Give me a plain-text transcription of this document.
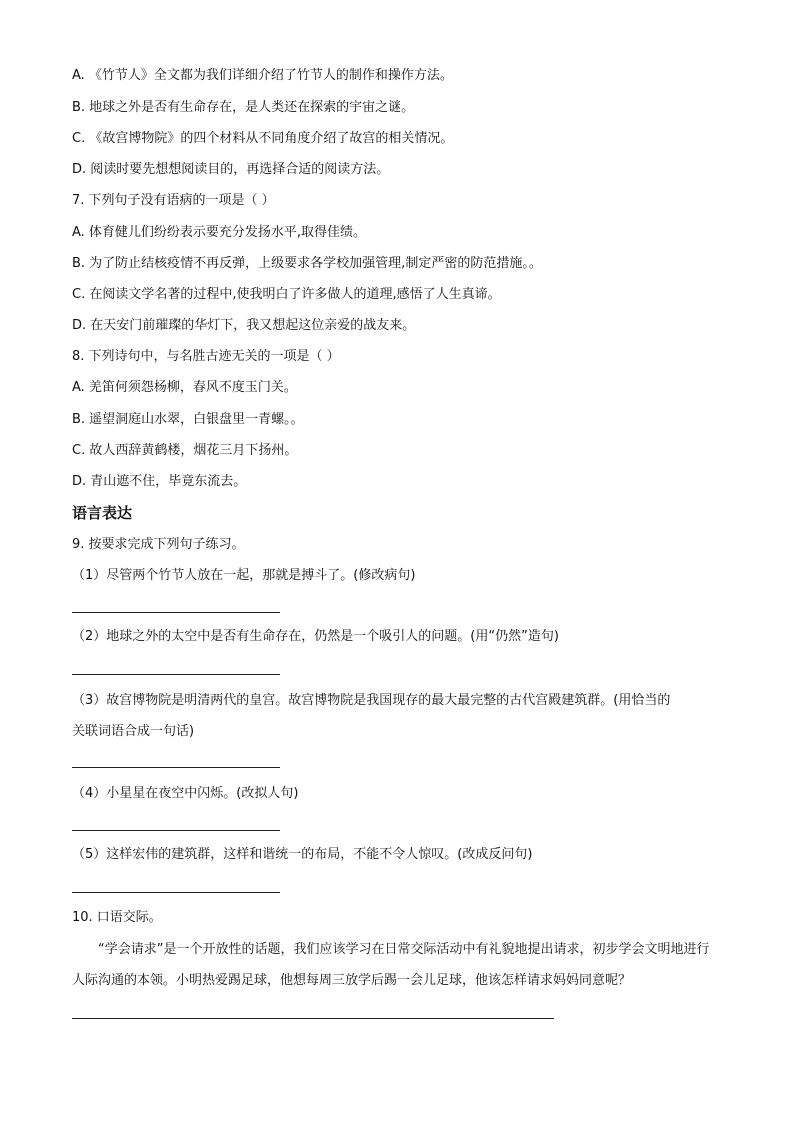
A. 《竹节人》全文都为我们详细介绍了竹节人的制作和操作方法。
B. 地球之外是否有生命存在，是人类还在探索的宇宙之谜。
C. 《故宫博物院》的四个材料从不同角度介绍了故宫的相关情况。
D. 阅读时要先想想阅读目的，再选择合适的阅读方法。
7. 下列句子没有语病的一项是（ ）
A. 体育健儿们纷纷表示要充分发扬水平,取得佳绩。
B. 为了防止结核疫情不再反弹，上级要求各学校加强管理,制定严密的防范措施。。
C. 在阅读文学名著的过程中,使我明白了许多做人的道理,感悟了人生真谛。
D. 在天安门前璀璨的华灯下，我又想起这位亲爱的战友来。
8. 下列诗句中，与名胜古迹无关的一项是（ ）
A. 羌笛何须怨杨柳，春风不度玉门关。
B. 遥望洞庭山水翠，白银盘里一青螺。。
C. 故人西辞黄鹤楼，烟花三月下扬州。
D. 青山遮不住，毕竟东流去。
语言表达
9. 按要求完成下列句子练习。
（1）尽管两个竹节人放在一起，那就是搏斗了。(修改病句)
（2）地球之外的太空中是否有生命存在，仍然是一个吸引人的问题。(用“仍然”造句)
（3）故宫博物院是明清两代的皇宫。故宫博物院是我国现存的最大最完整的古代宫殿建筑群。(用恰当的
关联词语合成一句话)
（4）小星星在夜空中闪烁。(改拟人句)
（5）这样宏伟的建筑群，这样和谐统一的布局，不能不令人惊叹。(改成反问句)
10. 口语交际。
“学会请求”是一个开放性的话题，我们应该学习在日常交际活动中有礼貌地提出请求，初步学会文明地进行人际沟通的本领。小明热爱踢足球，他想每周三放学后踢一会儿足球，他该怎样请求妈妈同意呢？
